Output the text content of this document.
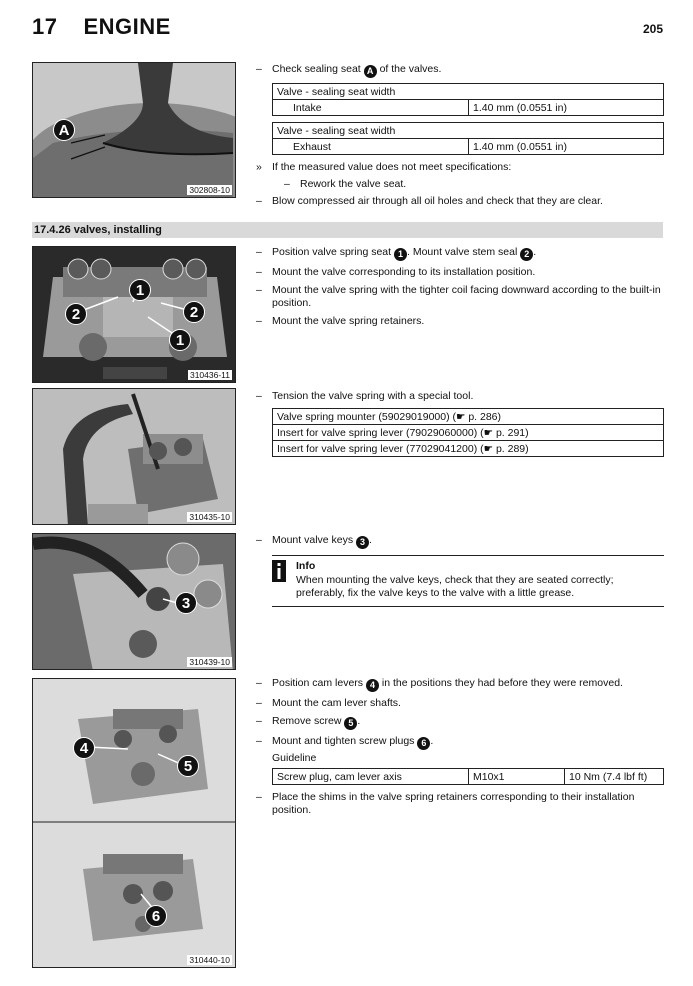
17 ENGINE	205
A
302808-10
– Check sealing seat A of the valves.
Valve - sealing seat width
Intake	1.40 mm (0.0551 in)
Valve - sealing seat width
Exhaust	1.40 mm (0.0551 in)
» If the measured value does not meet specifications:
– Rework the valve seat.
– Blow compressed air through all oil holes and check that they are clear.
17.4.26 valves, installing
1
2	2
1
310436-11
– Position valve spring seat 1 . Mount valve stem seal 2 .
– Mount the valve corresponding to its installation position.
– Mount the valve spring with the tighter coil facing downward according to the built-in position.
– Mount the valve spring retainers.
310435-10
– Tension the valve spring with a special tool.
Valve spring mounter (59029019000) (☛ p. 286)
Insert for valve spring lever (79029060000) (☛ p. 291)
Insert for valve spring lever (77029041200) (☛ p. 289)
3
310439-10
– Mount valve keys 3 .
Info
When mounting the valve keys, check that they are seated correctly; preferably, fix the valve keys to the valve with a little grease.
4
5
6
310440-10
– Position cam levers 4 in the positions they had before they were removed.
– Mount the cam lever shafts.
– Remove screw 5 .
– Mount and tighten screw plugs 6 .
Guideline
Screw plug, cam lever axis	M10x1	10 Nm (7.4 lbf ft)
– Place the shims in the valve spring retainers corresponding to their installation position.
